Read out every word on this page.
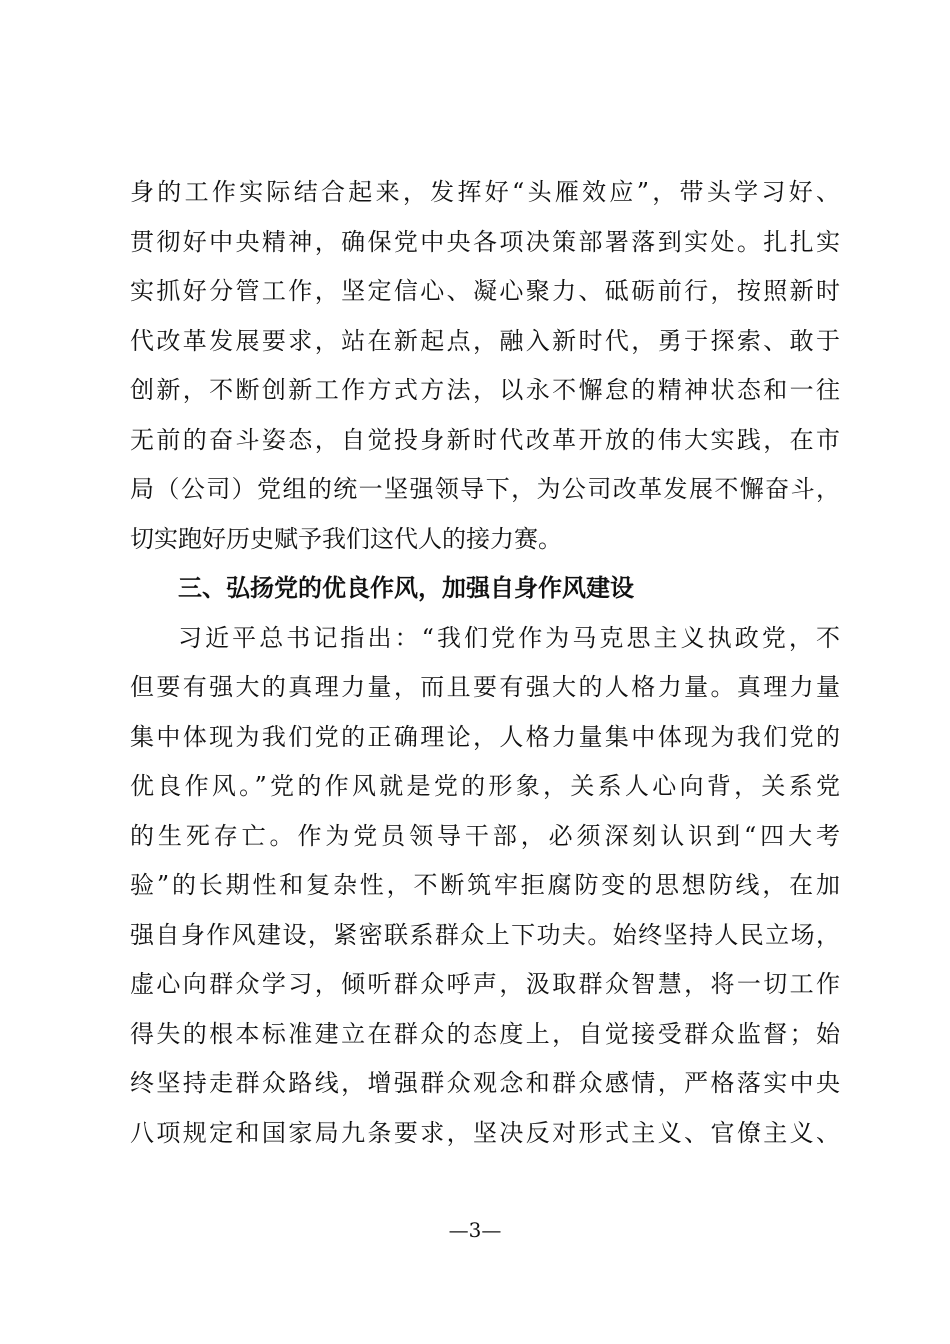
身的工作实际结合起来，发挥好“头雁效应”，带头学习好、
贯彻好中央精神，确保党中央各项决策部署落到实处。扎扎实
实抓好分管工作，坚定信心、凝心聚力、砥砺前行，按照新时
代改革发展要求，站在新起点，融入新时代，勇于探索、敢于
创新，不断创新工作方式方法，以永不懈怠的精神状态和一往
无前的奋斗姿态，自觉投身新时代改革开放的伟大实践，在市
局（公司）党组的统一坚强领导下，为公司改革发展不懈奋斗，
切实跑好历史赋予我们这代人的接力赛。
三、弘扬党的优良作风，加强自身作风建设
习近平总书记指出：“我们党作为马克思主义执政党，不
但要有强大的真理力量，而且要有强大的人格力量。真理力量
集中体现为我们党的正确理论，人格力量集中体现为我们党的
优良作风。”党的作风就是党的形象，关系人心向背，关系党
的生死存亡。作为党员领导干部，必须深刻认识到“四大考
验”的长期性和复杂性，不断筑牢拒腐防变的思想防线，在加
强自身作风建设，紧密联系群众上下功夫。始终坚持人民立场，
虚心向群众学习，倾听群众呼声，汲取群众智慧，将一切工作
得失的根本标准建立在群众的态度上，自觉接受群众监督；始
终坚持走群众路线，增强群众观念和群众感情，严格落实中央
八项规定和国家局九条要求，坚决反对形式主义、官僚主义、
—3—
